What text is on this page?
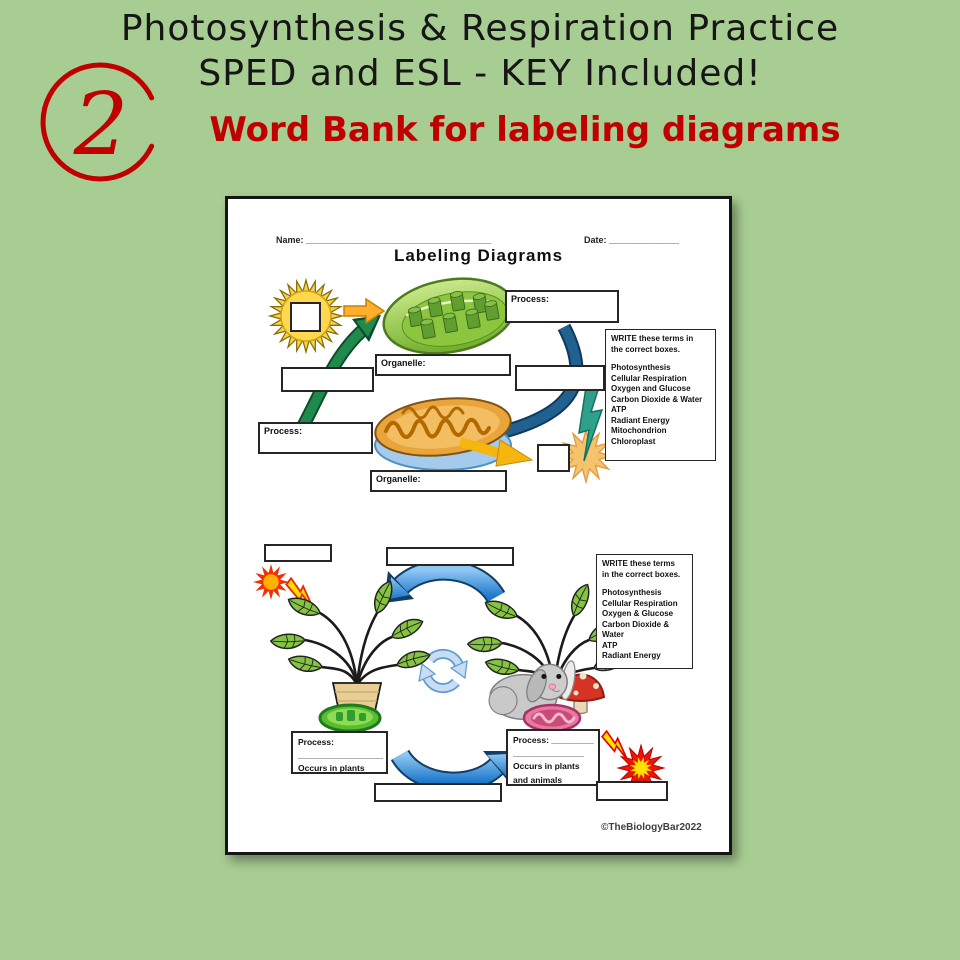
Photosynthesis & Respiration Practice
SPED and ESL - KEY Included!
2	Word Bank for labeling diagrams
Name: _____________________________________	Date: ______________
Labeling Diagrams
Process:
Organelle:
Process:
Organelle:
WRITE these terms in
the correct boxes.
Photosynthesis
Cellular Respiration
Oxygen and Glucose
Carbon Dioxide & Water
ATP
Radiant Energy
Mitochondrion
Chloroplast
WRITE these terms
in the correct boxes.
Photosynthesis
Cellular Respiration
Oxygen & Glucose
Carbon Dioxide & Water
ATP
Radiant Energy
Process:
__________________
Occurs in plants
Process: _________
_______________
Occurs in plants
and animals
©TheBiologyBar2022
